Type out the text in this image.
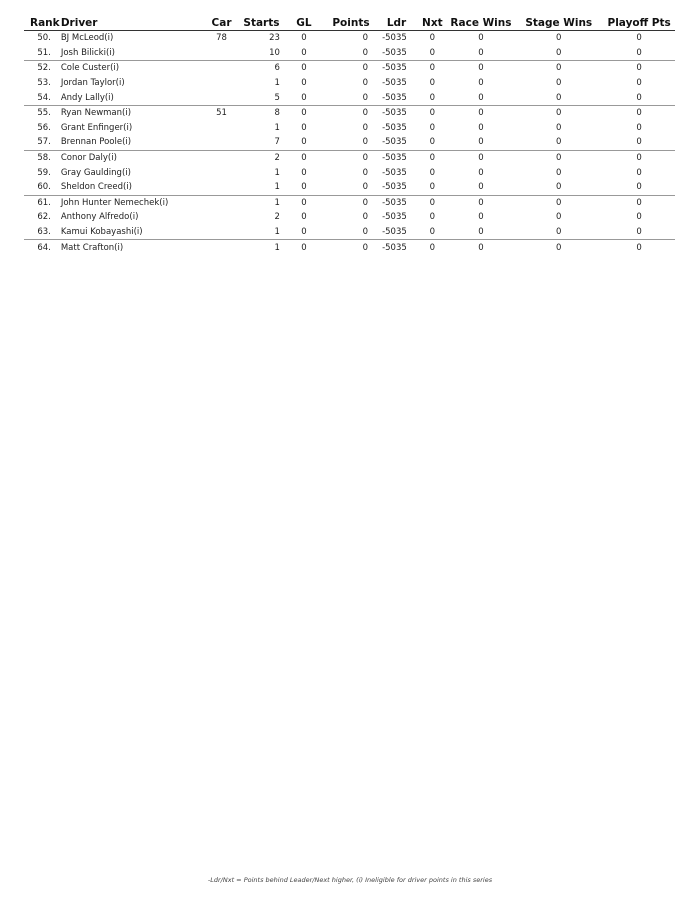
Rank	Driver	Car	Starts	GL	Points	Ldr	Nxt	Race Wins	Stage Wins	Playoff Pts
50.	BJ McLeod(i)	78	23	0	0	-5035	0	0	0	0
51.	Josh Bilicki(i)		10	0	0	-5035	0	0	0	0
52.	Cole Custer(i)		6	0	0	-5035	0	0	0	0
53.	Jordan Taylor(i)		1	0	0	-5035	0	0	0	0
54.	Andy Lally(i)		5	0	0	-5035	0	0	0	0
55.	Ryan Newman(i)	51	8	0	0	-5035	0	0	0	0
56.	Grant Enfinger(i)		1	0	0	-5035	0	0	0	0
57.	Brennan Poole(i)		7	0	0	-5035	0	0	0	0
58.	Conor Daly(i)		2	0	0	-5035	0	0	0	0
59.	Gray Gaulding(i)		1	0	0	-5035	0	0	0	0
60.	Sheldon Creed(i)		1	0	0	-5035	0	0	0	0
61.	John Hunter Nemechek(i)		1	0	0	-5035	0	0	0	0
62.	Anthony Alfredo(i)		2	0	0	-5035	0	0	0	0
63.	Kamui Kobayashi(i)		1	0	0	-5035	0	0	0	0
64.	Matt Crafton(i)		1	0	0	-5035	0	0	0	0
-Ldr/Nxt = Points behind Leader/Next higher, (i) Ineligible for driver points in this series
